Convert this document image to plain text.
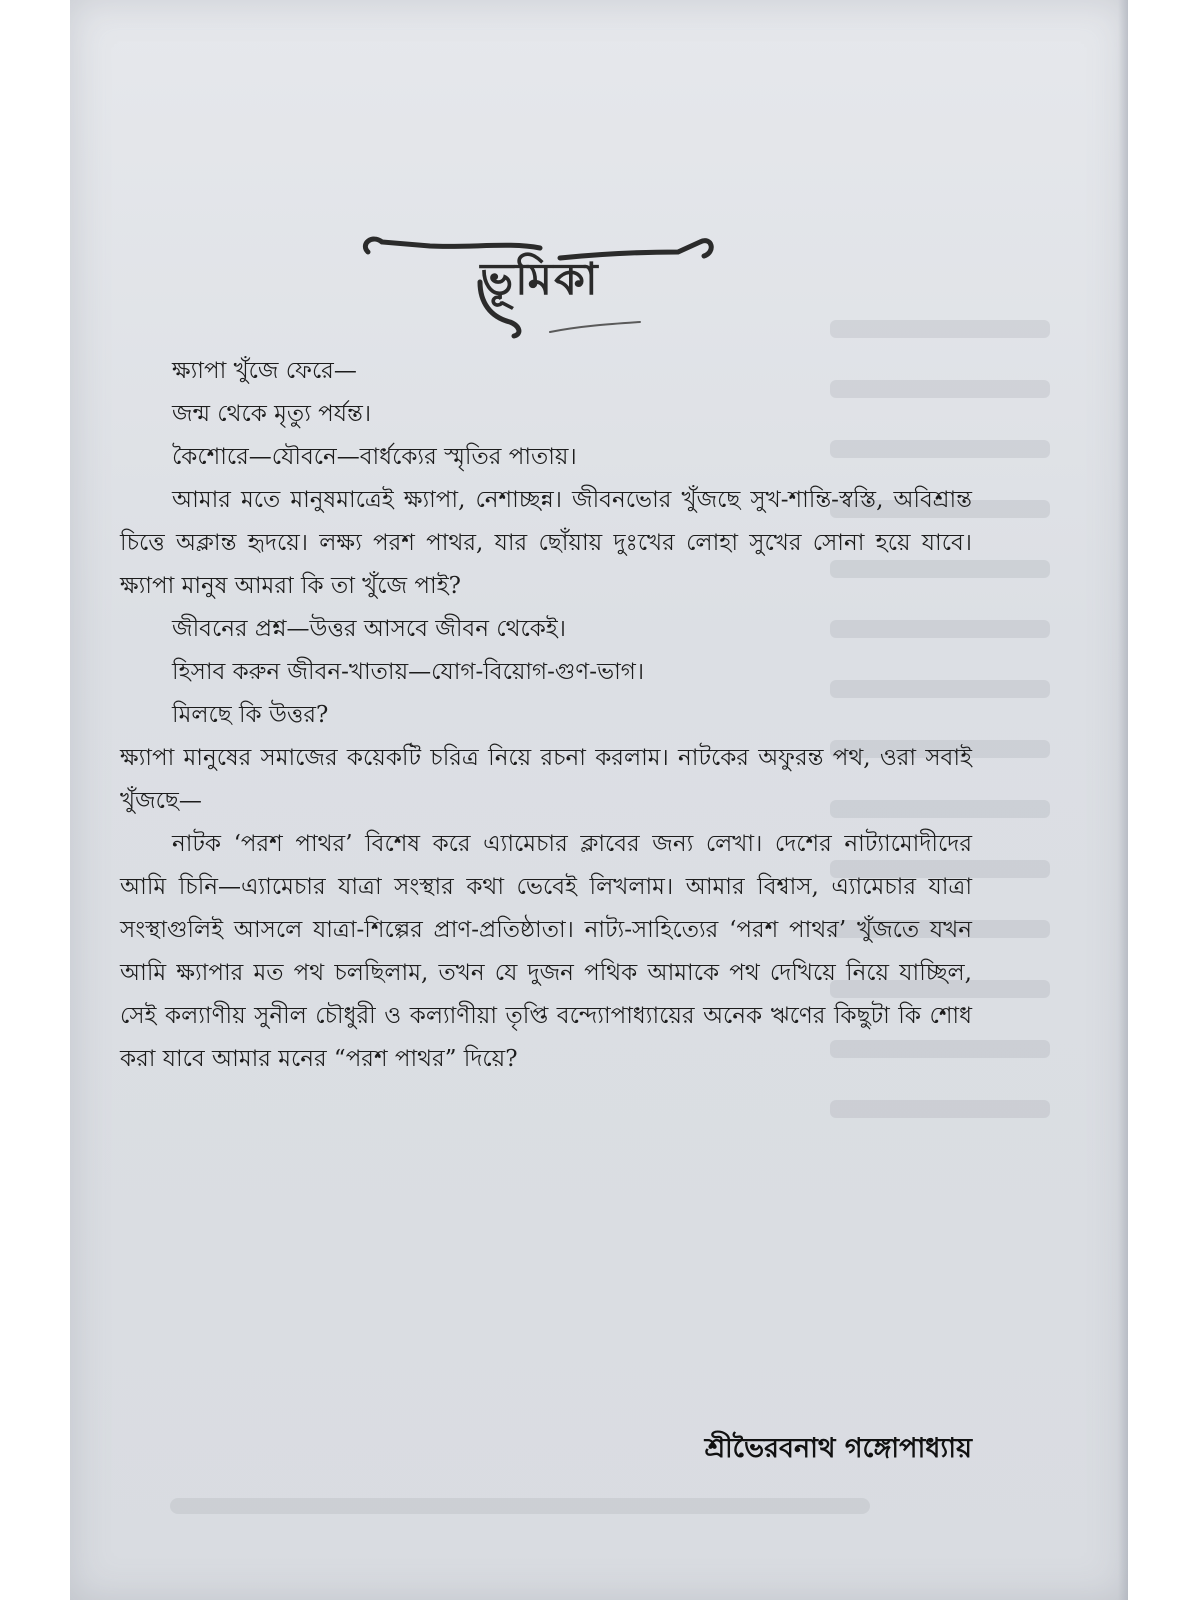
ভূমিকা

ক্ষ্যাপা খুঁজে ফেরে—

জন্ম থেকে মৃত্যু পর্যন্ত।

কৈশোরে—যৌবনে—বার্ধক্যের স্মৃতির পাতায়।

আমার মতে মানুষমাত্রেই ক্ষ্যাপা, নেশাচ্ছন্ন। জীবনভোর খুঁজছে সুখ-শান্তি-স্বস্তি, অবিশ্রান্ত চিত্তে অক্লান্ত হৃদয়ে। লক্ষ্য পরশ পাথর, যার ছোঁয়ায় দুঃখের লোহা সুখের সোনা হয়ে যাবে। ক্ষ্যাপা মানুষ আমরা কি তা খুঁজে পাই?

জীবনের প্রশ্ন—উত্তর আসবে জীবন থেকেই।

হিসাব করুন জীবন-খাতায়—যোগ-বিয়োগ-গুণ-ভাগ।

মিলছে কি উত্তর?

ক্ষ্যাপা মানুষের সমাজের কয়েকটি চরিত্র নিয়ে রচনা করলাম। নাটকের অফুরন্ত পথ, ওরা সবাই খুঁজছে—

নাটক ‘পরশ পাথর’ বিশেষ করে এ্যামেচার ক্লাবের জন্য লেখা। দেশের নাট্যামোদীদের আমি চিনি—এ্যামেচার যাত্রা সংস্থার কথা ভেবেই লিখলাম। আমার বিশ্বাস, এ্যামেচার যাত্রা সংস্থাগুলিই আসলে যাত্রা-শিল্পের প্রাণ-প্রতিষ্ঠাতা। নাট্য-সাহিত্যের ‘পরশ পাথর’ খুঁজতে যখন আমি ক্ষ্যাপার মত পথ চলছিলাম, তখন যে দুজন পথিক আমাকে পথ দেখিয়ে নিয়ে যাচ্ছিল, সেই কল্যাণীয় সুনীল চৌধুরী ও কল্যাণীয়া তৃপ্তি বন্দ্যোপাধ্যায়ের অনেক ঋণের কিছুটা কি শোধ করা যাবে আমার মনের “পরশ পাথর” দিয়ে?

শ্রীভৈরবনাথ গঙ্গোপাধ্যায়
